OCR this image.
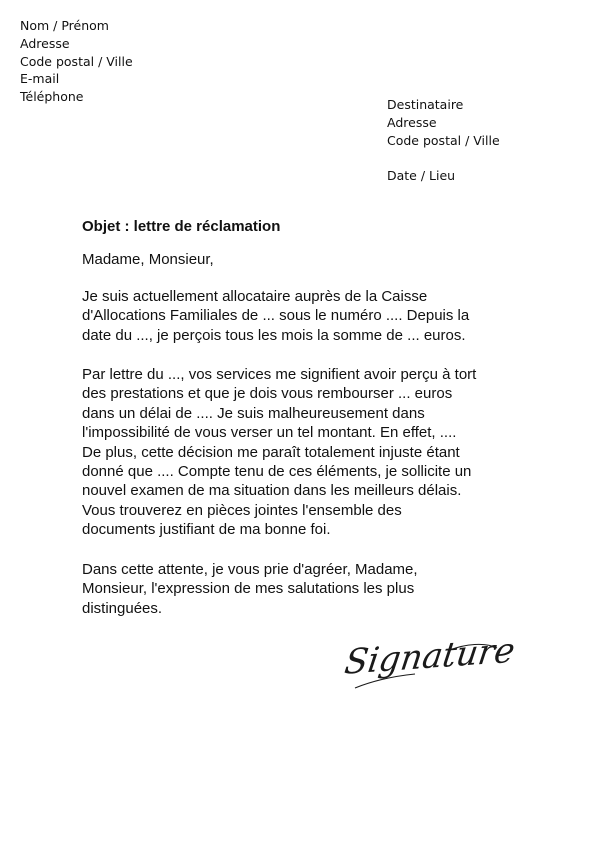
Nom / Prénom
Adresse
Code postal / Ville
E-mail
Téléphone
Destinataire
Adresse
Code postal / Ville
Date / Lieu
Objet : lettre de réclamation
Madame, Monsieur,
Je suis actuellement allocataire auprès de la Caisse
d'Allocations Familiales de ... sous le numéro .... Depuis la
date du ..., je perçois tous les mois la somme de ... euros.
Par lettre du ..., vos services me signifient avoir perçu à tort
des prestations et que je dois vous rembourser ... euros
dans un délai de .... Je suis malheureusement dans
l'impossibilité de vous verser un tel montant. En effet, ....
De plus, cette décision me paraît totalement injuste étant
donné que .... Compte tenu de ces éléments, je sollicite un
nouvel examen de ma situation dans les meilleurs délais.
Vous trouverez en pièces jointes l'ensemble des
documents justifiant de ma bonne foi.
Dans cette attente, je vous prie d'agréer, Madame,
Monsieur, l'expression de mes salutations les plus
distinguées.
Signature
